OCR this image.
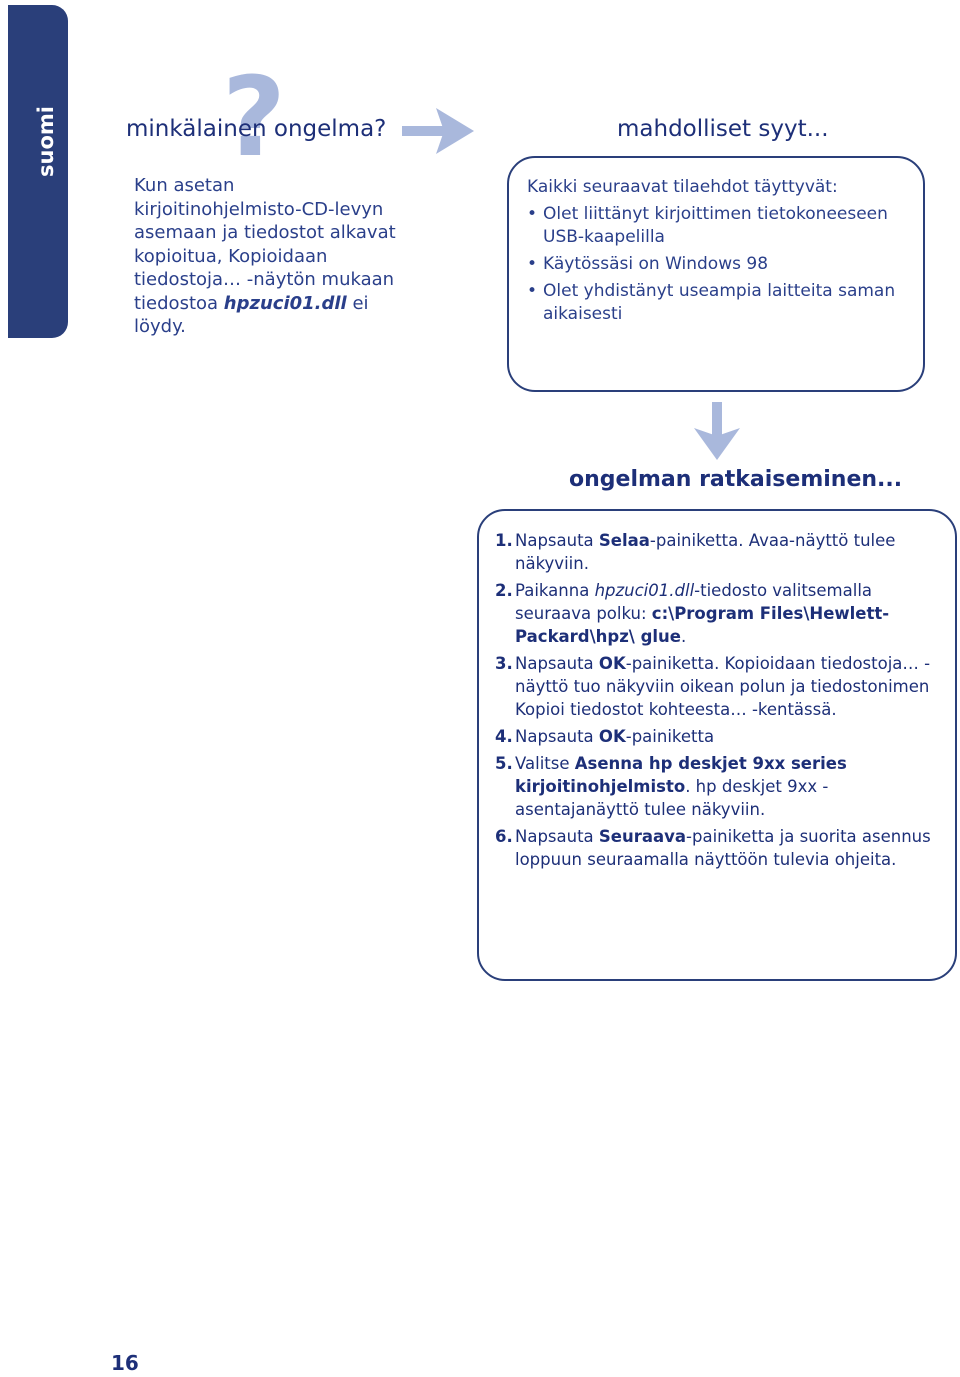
suomi ?
minkälainen ongelma?
Kun asetan kirjoitinohjelmisto-CD-levyn asemaan ja tiedostot alkavat kopioitua, Kopioidaan tiedostoja… -näytön mukaan tiedostoa hpzuci01.dll ei löydy.
mahdolliset syyt...
Kaikki seuraavat tilaehdot täyttyvät:
• Olet liittänyt kirjoittimen tietokoneeseen USB-kaapelilla
• Käytössäsi on Windows 98
• Olet yhdistänyt useampia laitteita saman aikaisesti
ongelman ratkaiseminen...
1. Napsauta Selaa-painiketta. Avaa-näyttö tulee näkyviin.
2. Paikanna hpzuci01.dll-tiedosto valitsemalla seuraava polku: c:\Program Files\Hewlett-Packard\hpz\ glue.
3. Napsauta OK-painiketta. Kopioidaan tiedostoja… -näyttö tuo näkyviin oikean polun ja tiedostonimen Kopioi tiedostot kohteesta… -kentässä.
4. Napsauta OK-painiketta
5. Valitse Asenna hp deskjet 9xx series kirjoitinohjelmisto. hp deskjet 9xx -asentajanäyttö tulee näkyviin.
6. Napsauta Seuraava-painiketta ja suorita asennus loppuun seuraamalla näyttöön tulevia ohjeita.
16
